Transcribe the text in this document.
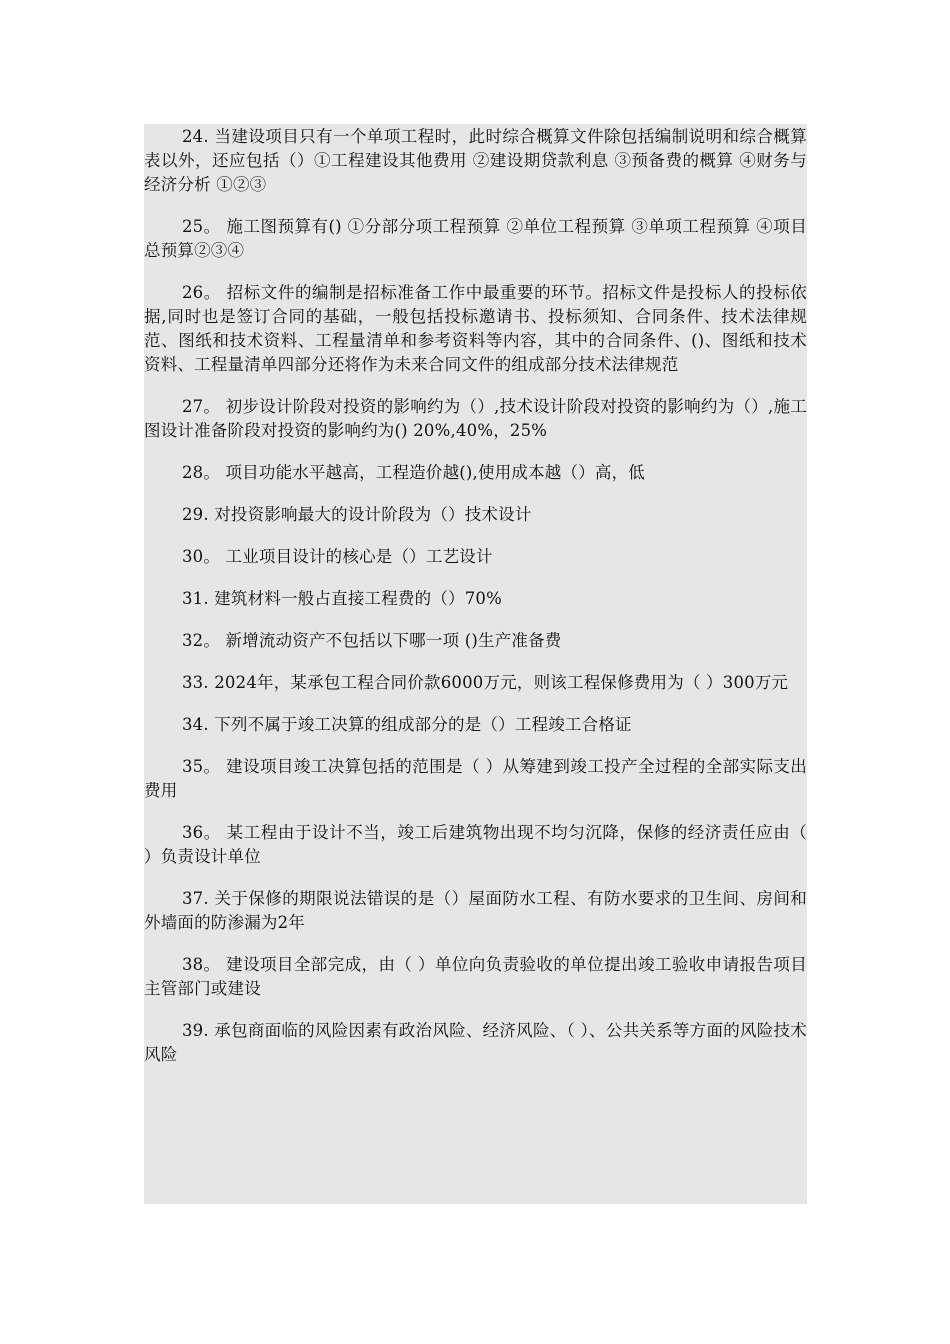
24. 当建设项目只有一个单项工程时，此时综合概算文件除包括编制说明和综合概算表以外，还应包括（）①工程建设其他费用 ②建设期贷款利息 ③预备费的概算 ④财务与经济分析 ①②③

25。 施工图预算有() ①分部分项工程预算 ②单位工程预算 ③单项工程预算 ④项目总预算②③④

26。 招标文件的编制是招标准备工作中最重要的环节。招标文件是投标人的投标依据,同时也是签订合同的基础，一般包括投标邀请书、投标须知、合同条件、技术法律规范、图纸和技术资料、工程量清单和参考资料等内容，其中的合同条件、()、图纸和技术资料、工程量清单四部分还将作为未来合同文件的组成部分技术法律规范

27。 初步设计阶段对投资的影响约为（）,技术设计阶段对投资的影响约为（）,施工图设计准备阶段对投资的影响约为() 20%,40%，25%

28。 项目功能水平越高，工程造价越(),使用成本越（）高，低

29. 对投资影响最大的设计阶段为（）技术设计

30。 工业项目设计的核心是（）工艺设计

31. 建筑材料一般占直接工程费的（）70%

32。 新增流动资产不包括以下哪一项 ()生产准备费

33. 2024年，某承包工程合同价款6000万元，则该工程保修费用为（ ）300万元

34. 下列不属于竣工决算的组成部分的是（）工程竣工合格证

35。 建设项目竣工决算包括的范围是（ ）从筹建到竣工投产全过程的全部实际支出费用

36。 某工程由于设计不当，竣工后建筑物出现不均匀沉降，保修的经济责任应由（ ）负责设计单位

37. 关于保修的期限说法错误的是（）屋面防水工程、有防水要求的卫生间、房间和外墙面的防渗漏为2年

38。 建设项目全部完成，由（ ）单位向负责验收的单位提出竣工验收申请报告项目主管部门或建设

39. 承包商面临的风险因素有政治风险、经济风险、（ ）、公共关系等方面的风险技术风险
